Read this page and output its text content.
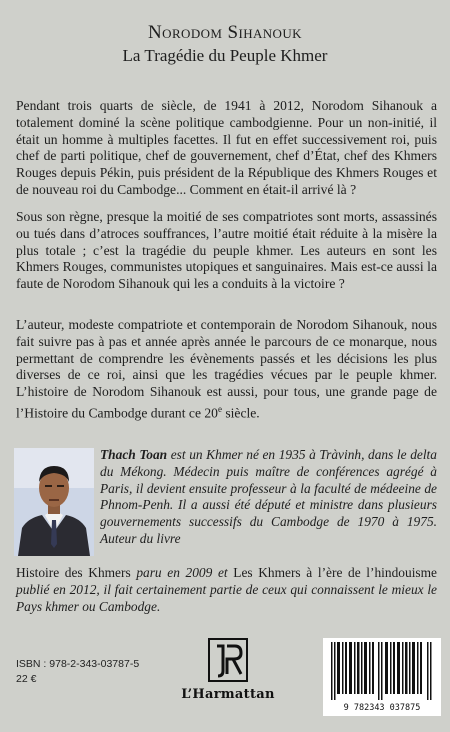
Norodom Sihanouk
La Tragédie du Peuple Khmer

Pendant trois quarts de siècle, de 1941 à 2012, Norodom Sihanouk a totalement dominé la scène politique cambodgienne. Pour un non-initié, il était un homme à multiples facettes. Il fut en effet successivement roi, puis chef de parti politique, chef de gouvernement, chef d’État, chef des Khmers Rouges depuis Pékin, puis président de la République des Khmers Rouges et de nouveau roi du Cambodge... Comment en était-il arrivé là ?

Sous son règne, presque la moitié de ses compatriotes sont morts, assassinés ou tués dans d’atroces souffrances, l’autre moitié était réduite à la misère la plus totale ; c’est la tragédie du peuple khmer. Les auteurs en sont les Khmers Rouges, communistes utopiques et sanguinaires. Mais est-ce aussi la faute de Norodom Sihanouk qui les a conduits à la victoire ?

L’auteur, modeste compatriote et contemporain de Norodom Sihanouk, nous fait suivre pas à pas et année après année le parcours de ce monarque, nous permettant de comprendre les évènements passés et les décisions les plus diverses de ce roi, ainsi que les tragédies vécues par le peuple khmer. L’histoire de Norodom Sihanouk est aussi, pour tous, une grande page de l’Histoire du Cambodge durant ce 20e siècle.

Thach Toan est un Khmer né en 1935 à Tràvinh, dans le delta du Mékong. Médecin puis maître de conférences agrégé à Paris, il devient ensuite professeur à la faculté de médeeine de Phnom-Penh. Il a aussi été député et ministre dans plusieurs gouvernements successifs du Cambodge de 1970 à 1975. Auteur du livre

Histoire des Khmers paru en 2009 et Les Khmers à l’ère de l’hindouisme publié en 2012, il fait certainement partie de ceux qui connaissent le mieux le Pays khmer ou Cambodge.

ISBN : 978-2-343-03787-5
22 €
L’Harmattan
9 782343 037875
